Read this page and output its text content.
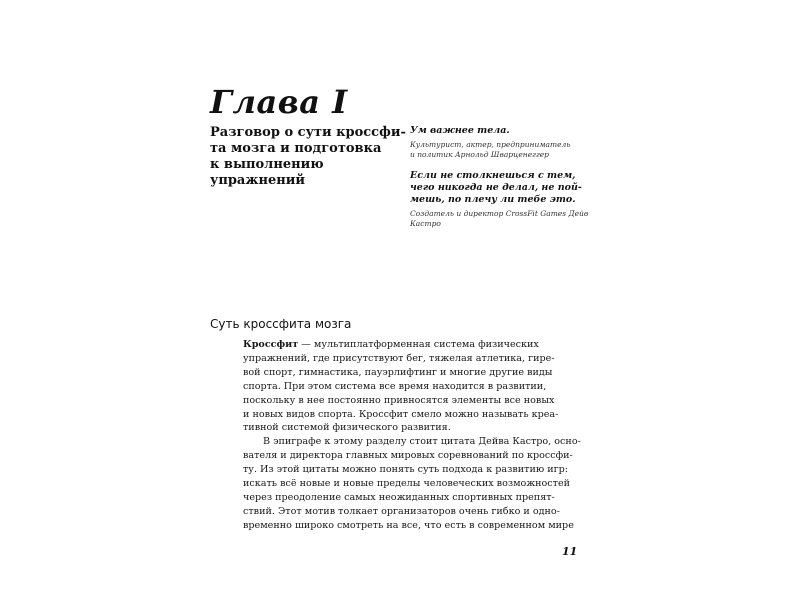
Глава I
Разговор о сути кроссфи-
та мозга и подготовка
к выполнению
упражнений
Ум важнее тела.
Культурист, актер, предприниматель
и политик Арнольд Шварценеггер
Если не столкнешься с тем,
чего никогда не делал, не пой-
мешь, по плечу ли тебе это.
Создатель и директор CrossFit Games Дейв
Кастро
Суть кроссфита мозга
Кроссфит — мультиплатформенная система физических
упражнений, где присутствуют бег, тяжелая атлетика, гире-
вой спорт, гимнастика, пауэрлифтинг и многие другие виды
спорта. При этом система все время находится в развитии,
поскольку в нее постоянно привносятся элементы все новых
и новых видов спорта. Кроссфит смело можно называть креа-
тивной системой физического развития.
В эпиграфе к этому разделу стоит цитата Дейва Кастро, осно-
вателя и директора главных мировых соревнований по кроссфи-
ту. Из этой цитаты можно понять суть подхода к развитию игр:
искать всё новые и новые пределы человеческих возможностей
через преодоление самых неожиданных спортивных препят-
ствий. Этот мотив толкает организаторов очень гибко и одно-
временно широко смотреть на все, что есть в современном мире
11
